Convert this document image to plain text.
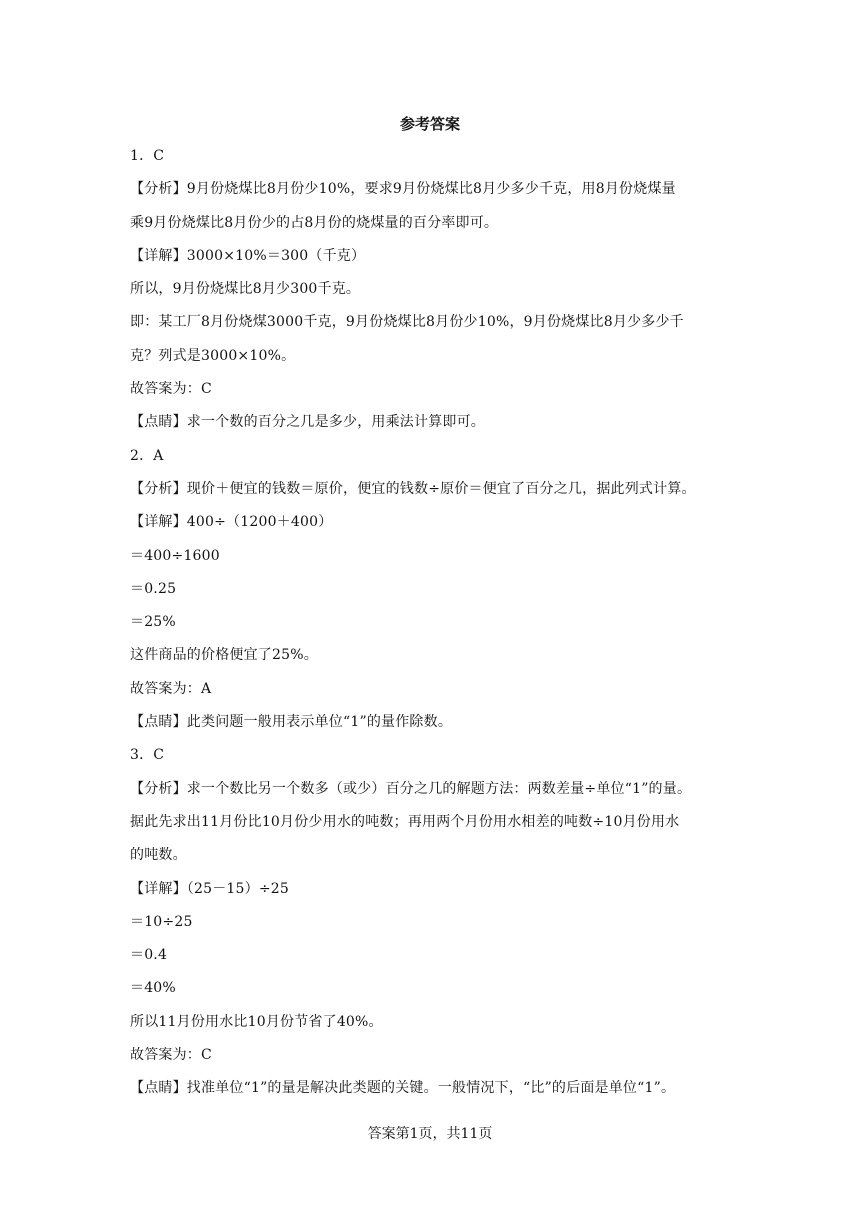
参考答案

1．C

【分析】9月份烧煤比8月份少10%，要求9月份烧煤比8月少多少千克，用8月份烧煤量

乘9月份烧煤比8月份少的占8月份的烧煤量的百分率即可。

【详解】3000×10%＝300（千克）

所以，9月份烧煤比8月少300千克。

即：某工厂8月份烧煤3000千克，9月份烧煤比8月份少10%，9月份烧煤比8月少多少千

克？列式是3000×10%。

故答案为：C

【点睛】求一个数的百分之几是多少，用乘法计算即可。

2．A

【分析】现价＋便宜的钱数＝原价，便宜的钱数÷原价＝便宜了百分之几，据此列式计算。

【详解】400÷（1200＋400）

＝400÷1600

＝0.25

＝25%

这件商品的价格便宜了25%。

故答案为：A

【点睛】此类问题一般用表示单位“1”的量作除数。

3．C

【分析】求一个数比另一个数多（或少）百分之几的解题方法：两数差量÷单位“1”的量。

据此先求出11月份比10月份少用水的吨数；再用两个月份用水相差的吨数÷10月份用水

的吨数。

【详解】（25－15）÷25

＝10÷25

＝0.4

＝40%

所以11月份用水比10月份节省了40%。

故答案为：C

【点睛】找准单位“1”的量是解决此类题的关键。一般情况下，“比”的后面是单位“1”。

答案第1页，共11页
